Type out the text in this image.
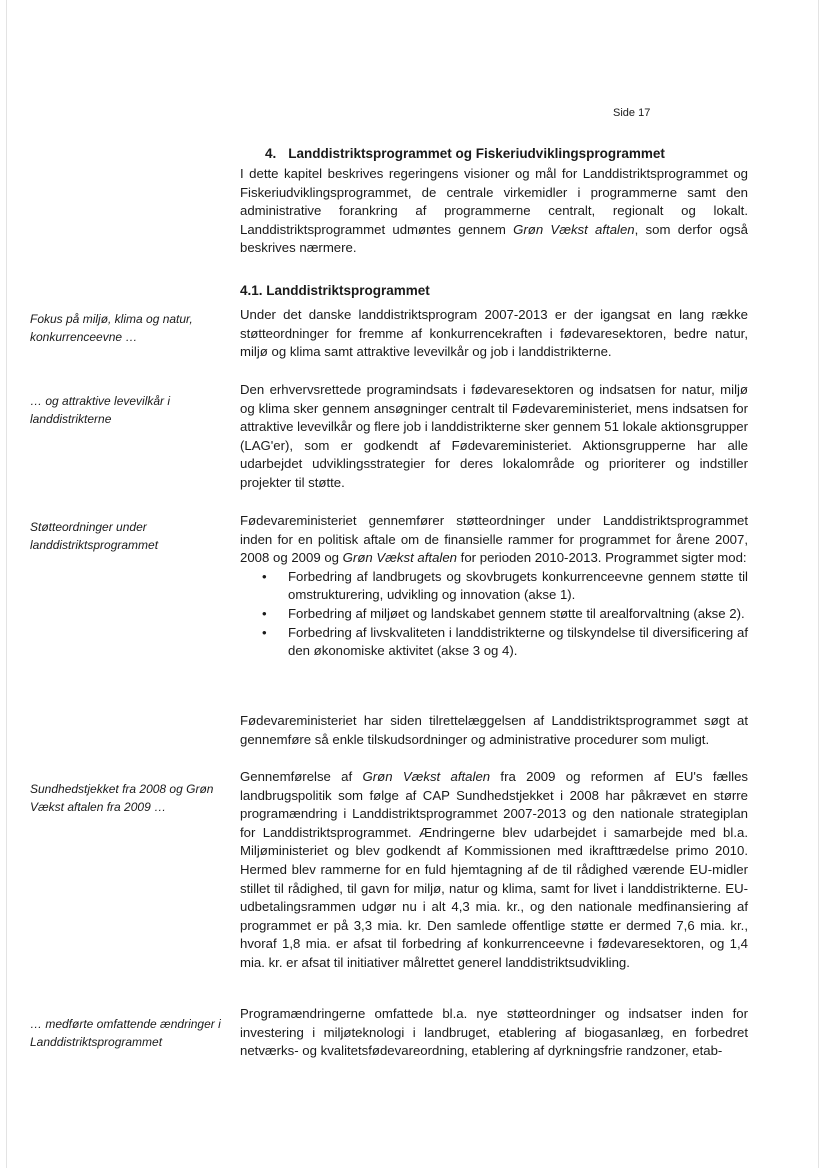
Side 17
4. Landdistriktsprogrammet og Fiskeriudviklingsprogrammet

I dette kapitel beskrives regeringens visioner og mål for Landdistriktsprogrammet og Fiskeriudviklingsprogrammet, de centrale virkemidler i programmerne samt den administrative forankring af programmerne centralt, regionalt og lokalt. Landdistriktsprogrammet udmøntes gennem Grøn Vækst aftalen, som derfor også beskrives nærmere.

4.1. Landdistriktsprogrammet

Fokus på miljø, klima og natur, konkurrenceevne …

Under det danske landdistriktsprogram 2007-2013 er der igangsat en lang række støtteordninger for fremme af konkurrencekraften i fødevaresektoren, bedre natur, miljø og klima samt attraktive levevilkår og job i landdistrikterne.

… og attraktive levevilkår i landdistrikterne

Den erhvervsrettede programindsats i fødevaresektoren og indsatsen for natur, miljø og klima sker gennem ansøgninger centralt til Fødevareministeriet, mens indsatsen for attraktive levevilkår og flere job i landdistrikterne sker gennem 51 lokale aktionsgrupper (LAG'er), som er godkendt af Fødevareministeriet. Aktionsgrupperne har alle udarbejdet udviklingsstrategier for deres lokalområde og prioriterer og indstiller projekter til støtte.

Støtteordninger under landdistriktsprogrammet

Fødevareministeriet gennemfører støtteordninger under Landdistriktsprogrammet inden for en politisk aftale om de finansielle rammer for programmet for årene 2007, 2008 og 2009 og Grøn Vækst aftalen for perioden 2010-2013. Programmet sigter mod:

• Forbedring af landbrugets og skovbrugets konkurrenceevne gennem støtte til omstrukturering, udvikling og innovation (akse 1).
• Forbedring af miljøet og landskabet gennem støtte til arealforvaltning (akse 2).
• Forbedring af livskvaliteten i landdistrikterne og tilskyndelse til diversificering af den økonomiske aktivitet (akse 3 og 4).

Fødevareministeriet har siden tilrettelæggelsen af Landdistriktsprogrammet søgt at gennemføre så enkle tilskudsordninger og administrative procedurer som muligt.

Sundhedstjekket fra 2008 og Grøn Vækst aftalen fra 2009 …

Gennemførelse af Grøn Vækst aftalen fra 2009 og reformen af EU's fælles landbrugspolitik som følge af CAP Sundhedstjekket i 2008 har påkrævet en større programændring i Landdistriktsprogrammet 2007-2013 og den nationale strategiplan for Landdistriktsprogrammet. Ændringerne blev udarbejdet i samarbejde med bl.a. Miljøministeriet og blev godkendt af Kommissionen med ikrafttrædelse primo 2010. Hermed blev rammerne for en fuld hjemtagning af de til rådighed værende EU-midler stillet til rådighed, til gavn for miljø, natur og klima, samt for livet i landdistrikterne. EU-udbetalingsrammen udgør nu i alt 4,3 mia. kr., og den nationale medfinansiering af programmet er på 3,3 mia. kr. Den samlede offentlige støtte er dermed 7,6 mia. kr., hvoraf 1,8 mia. er afsat til forbedring af konkurrenceevne i fødevaresektoren, og 1,4 mia. kr. er afsat til initiativer målrettet generel landdistriktsudvikling.

… medførte omfattende ændringer i Landdistriktsprogrammet

Programændringerne omfattede bl.a. nye støtteordninger og indsatser inden for investering i miljøteknologi i landbruget, etablering af biogasanlæg, en forbedret netværks- og kvalitetsfødevareordning, etablering af dyrkningsfrie randzoner, etab-
